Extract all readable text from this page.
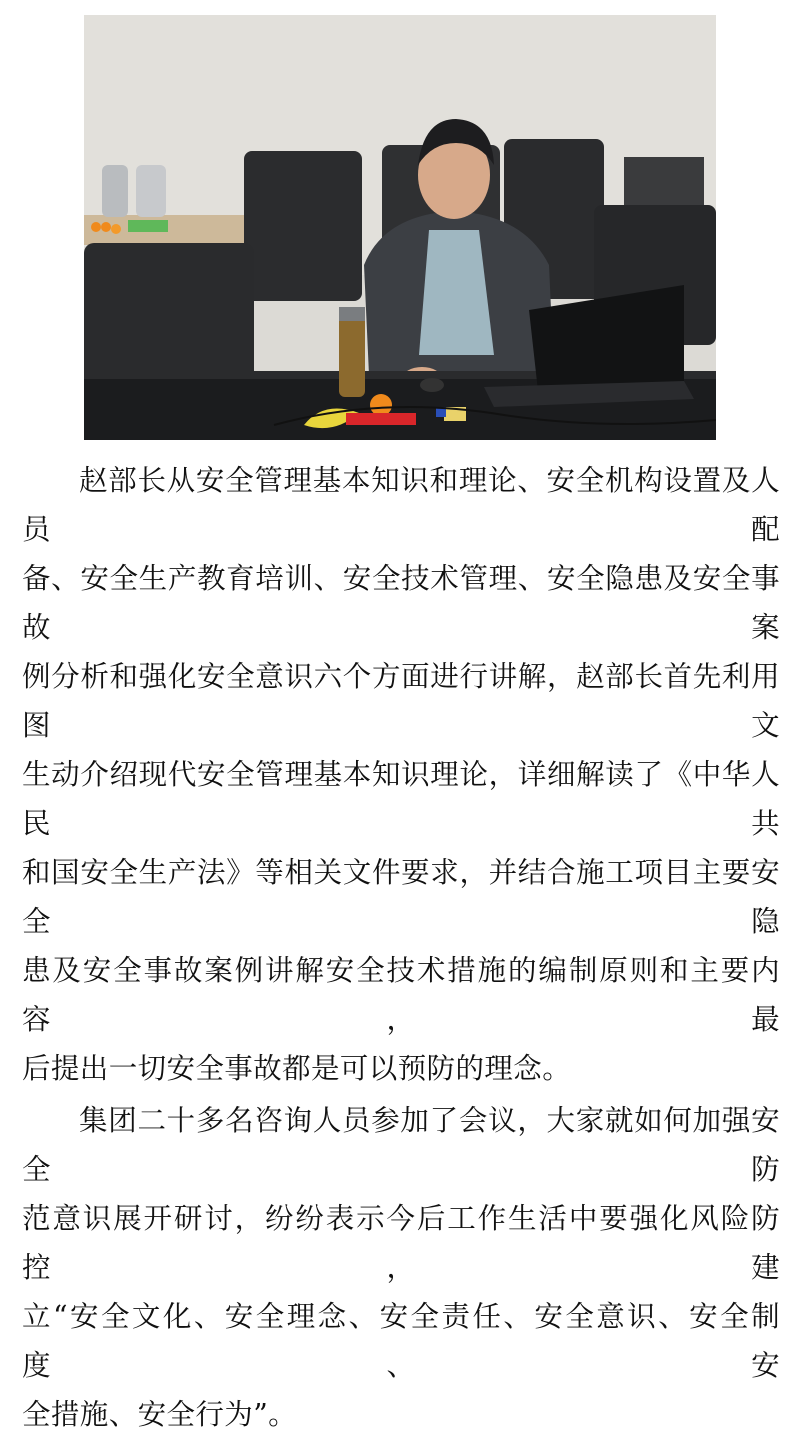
赵部长从安全管理基本知识和理论、安全机构设置及人员配
备、安全生产教育培训、安全技术管理、安全隐患及安全事故案
例分析和强化安全意识六个方面进行讲解，赵部长首先利用图文
生动介绍现代安全管理基本知识理论，详细解读了《中华人民共
和国安全生产法》等相关文件要求，并结合施工项目主要安全隐
患及安全事故案例讲解安全技术措施的编制原则和主要内容，最
后提出一切安全事故都是可以预防的理念。

集团二十多名咨询人员参加了会议，大家就如何加强安全防
范意识展开研讨，纷纷表示今后工作生活中要强化风险防控，建
立“安全文化、安全理念、安全责任、安全意识、安全制度、安
全措施、安全行为”。
